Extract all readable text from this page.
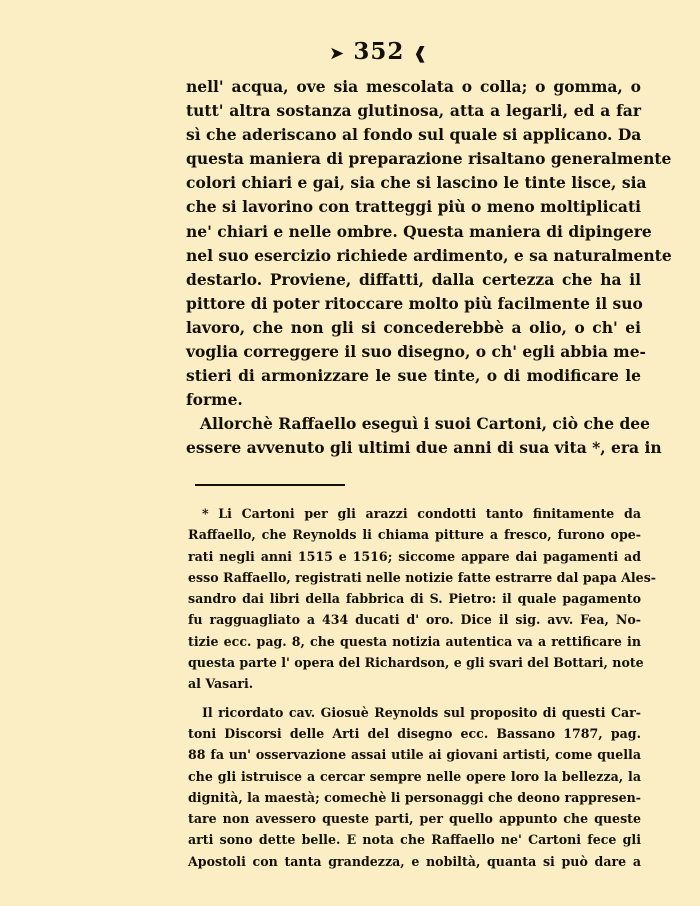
➤ 352 ❰
nell' acqua, ove sia mescolata o colla; o gomma, o
tutt' altra sostanza glutinosa, atta a legarli, ed a far
sì che aderiscano al fondo sul quale si applicano. Da
questa maniera di preparazione risaltano generalmente
colori chiari e gai, sia che si lascino le tinte lisce, sia
che si lavorino con tratteggi più o meno moltiplicati
ne' chiari e nelle ombre. Questa maniera di dipingere
nel suo esercizio richiede ardimento, e sa naturalmente
destarlo. Proviene, diffatti, dalla certezza che ha il
pittore di poter ritoccare molto più facilmente il suo
lavoro, che non gli si concederebbè a olio, o ch' ei
voglia correggere il suo disegno, o ch' egli abbia me-
stieri di armonizzare le sue tinte, o di modificare le
forme.
Allorchè Raffaello eseguì i suoi Cartoni, ciò che dee
essere avvenuto gli ultimi due anni di sua vita *, era in
* Li Cartoni per gli arazzi condotti tanto finitamente da
Raffaello, che Reynolds li chiama pitture a fresco, furono ope-
rati negli anni 1515 e 1516; siccome appare dai pagamenti ad
esso Raffaello, registrati nelle notizie fatte estrarre dal papa Ales-
sandro dai libri della fabbrica di S. Pietro: il quale pagamento
fu ragguagliato a 434 ducati d' oro. Dice il sig. avv. Fea, No-
tizie ecc. pag. 8, che questa notizia autentica va a rettificare in
questa parte l' opera del Richardson, e gli svari del Bottari, note
al Vasari.
Il ricordato cav. Giosuè Reynolds sul proposito di questi Car-
toni Discorsi delle Arti del disegno ecc. Bassano 1787, pag.
88 fa un' osservazione assai utile ai giovani artisti, come quella
che gli istruisce a cercar sempre nelle opere loro la bellezza, la
dignità, la maestà; comechè li personaggi che deono rappresen-
tare non avessero queste parti, per quello appunto che queste
arti sono dette belle. E nota che Raffaello ne' Cartoni fece gli
Apostoli con tanta grandezza, e nobiltà, quanta si può dare a
